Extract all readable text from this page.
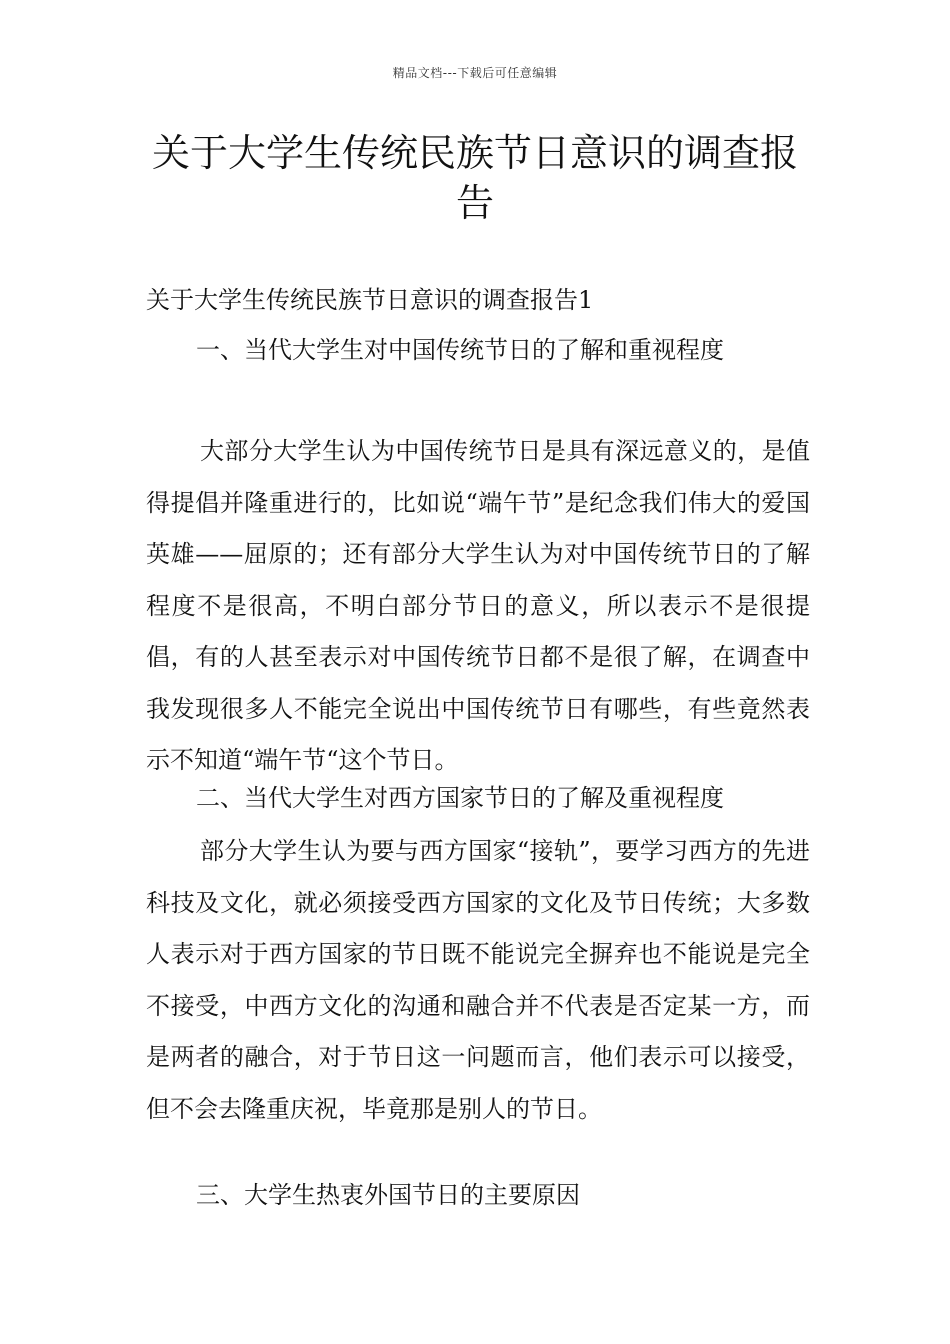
精品文档---下载后可任意编辑
关于大学生传统民族节日意识的调查报告

关于大学生传统民族节日意识的调查报告1

一、当代大学生对中国传统节日的了解和重视程度

大部分大学生认为中国传统节日是具有深远意义的，是值得提倡并隆重进行的，比如说“端午节”是纪念我们伟大的爱国英雄——屈原的；还有部分大学生认为对中国传统节日的了解程度不是很高，不明白部分节日的意义，所以表示不是很提倡，有的人甚至表示对中国传统节日都不是很了解，在调查中我发现很多人不能完全说出中国传统节日有哪些，有些竟然表示不知道“端午节“这个节日。

二、当代大学生对西方国家节日的了解及重视程度

部分大学生认为要与西方国家“接轨”，要学习西方的先进科技及文化，就必须接受西方国家的文化及节日传统；大多数人表示对于西方国家的节日既不能说完全摒弃也不能说是完全不接受，中西方文化的沟通和融合并不代表是否定某一方，而是两者的融合，对于节日这一问题而言，他们表示可以接受，但不会去隆重庆祝，毕竟那是别人的节日。

三、大学生热衷外国节日的主要原因
